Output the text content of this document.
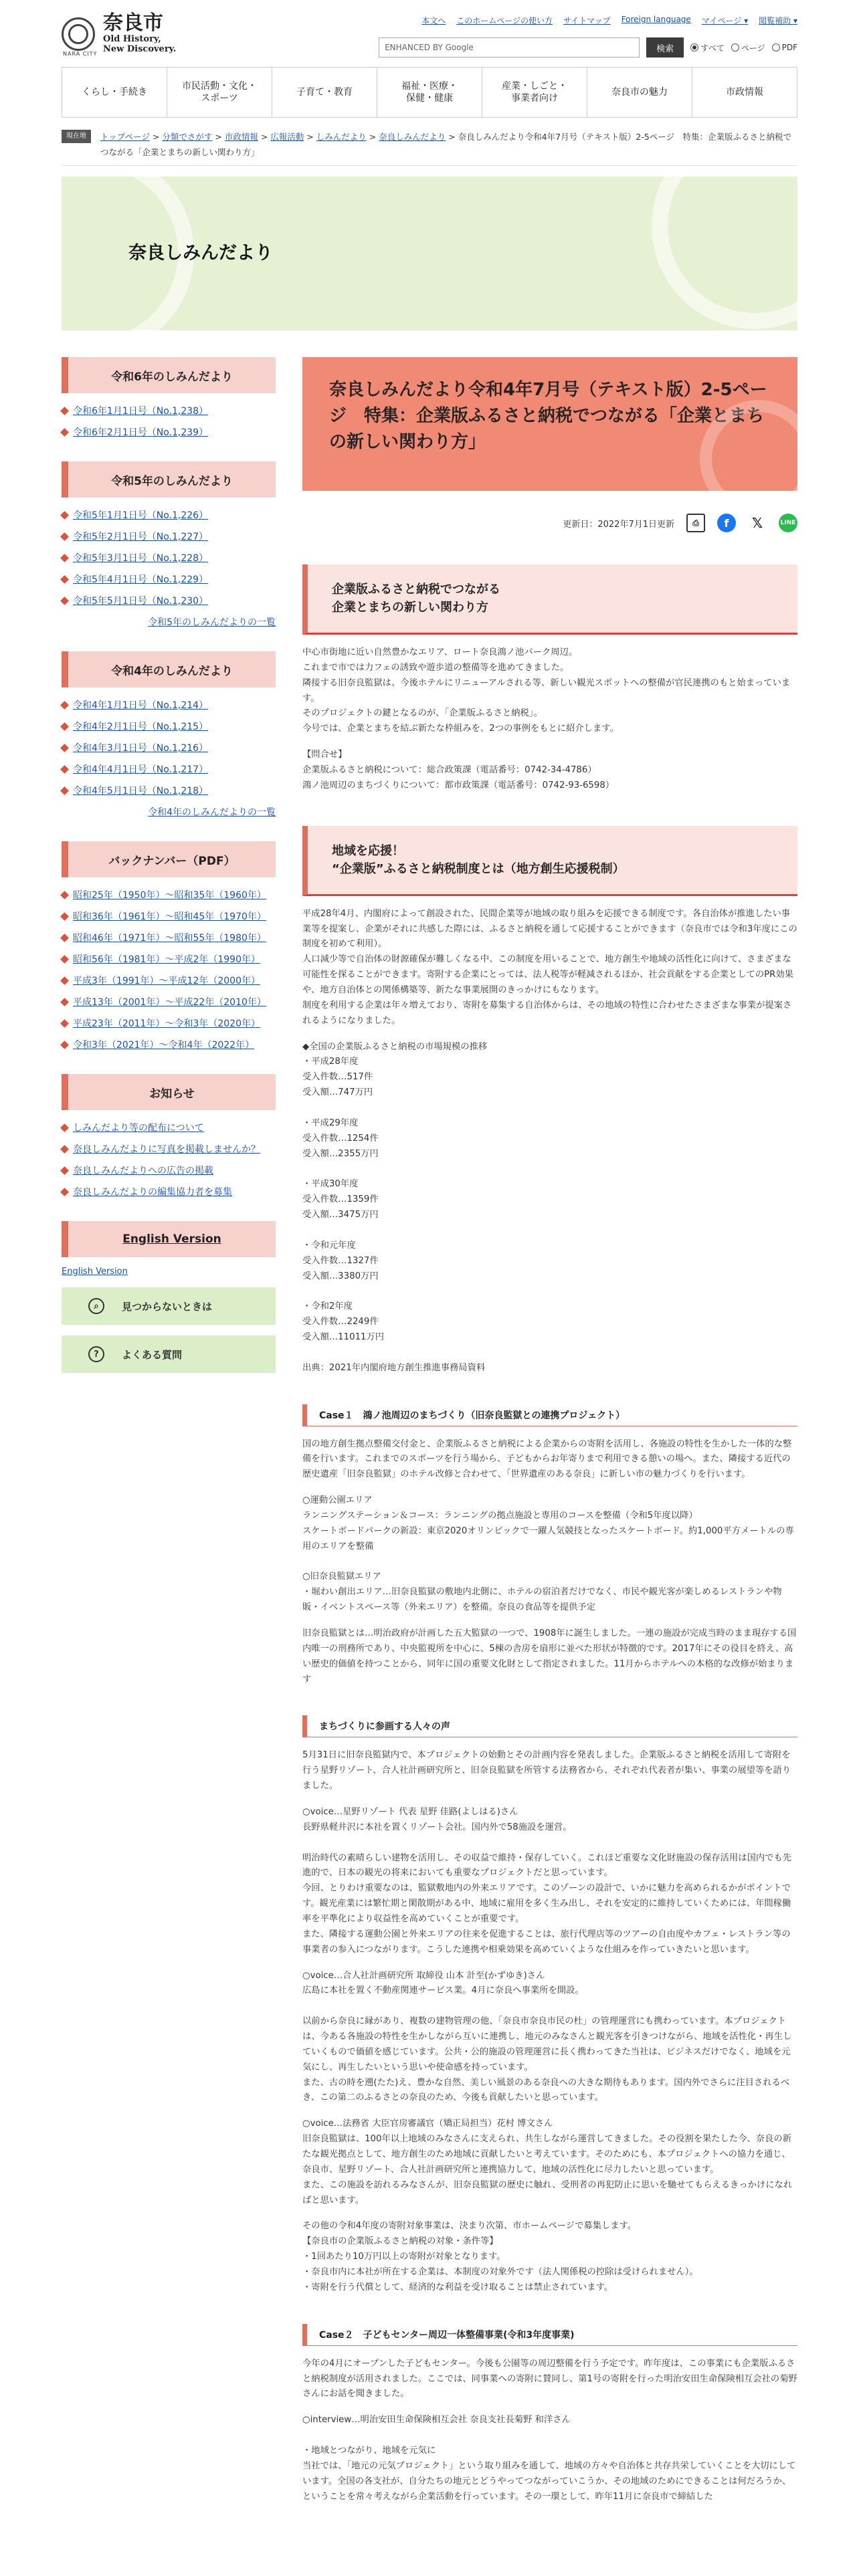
NARA CITY
奈良市
Old History,
New Discovery.
本文へ このホームページの使い方 サイトマップ Foreign language マイページ ▾ 閲覧補助 ▾
ENHANCED BY Google	検索	すべて ページ PDF
くらし・手続き
市民活動・文化・
スポーツ
子育て・教育
福祉・医療・
保健・健康
産業・しごと・
事業者向け
奈良市の魅力	市政情報
現在地	トップページ > 分類でさがす > 市政情報 > 広報活動 > しみんだより > 奈良しみんだより > 奈良しみんだより令和4年7月号（テキスト版）2-5ページ　特集：企業版ふるさと納税でつながる「企業とまちの新しい関わり方」
奈良しみんだより
令和6年のしみんだより
令和6年1月1日号（No.1,238）
令和6年2月1日号（No.1,239）
令和5年のしみんだより
令和5年1月1日号（No.1,226）
令和5年2月1日号（No.1,227）
令和5年3月1日号（No.1,228）
令和5年4月1日号（No.1,229）
令和5年5月1日号（No.1,230）
令和5年のしみんだよりの一覧
令和4年のしみんだより
令和4年1月1日号（No.1,214）
令和4年2月1日号（No.1,215）
令和4年3月1日号（No.1,216）
令和4年4月1日号（No.1,217）
令和4年5月1日号（No.1,218）
令和4年のしみんだよりの一覧
バックナンバー（PDF）
昭和25年（1950年）～昭和35年（1960年）
昭和36年（1961年）～昭和45年（1970年）
昭和46年（1971年）～昭和55年（1980年）
昭和56年（1981年）～平成2年（1990年）
平成3年（1991年）～平成12年（2000年）
平成13年（2001年）～平成22年（2010年）
平成23年（2011年）～令和3年（2020年）
令和3年（2021年）～令和4年（2022年）
お知らせ
しみんだより等の配布について
奈良しみんだよりに写真を掲載しませんか？
奈良しみんだよりへの広告の掲載
奈良しみんだよりの編集協力者を募集
English Version
English Version
⌕	見つからないときは
?	よくある質問
奈良しみんだより令和4年7月号（テキスト版）2-5ページ　特集：企業版ふるさと納税でつながる「企業とまちの新しい関わり方」
更新日：2022年7月1日更新	⎙	f	𝕏	LINE
企業版ふるさと納税でつながる
企業とまちの新しい関わり方

中心市街地に近い自然豊かなエリア、ロート奈良鴻ノ池パーク周辺。
これまで市では力フェの誘致や遊歩道の整備等を進めてきました。
隣接する旧奈良監獄は、今後ホテルにリニューアルされる等、新しい観光スポットへの整備が官民連携のもと始まっています。
そのプロジェクトの鍵となるのが、「企業版ふるさと納税」。
今号では、企業とまちを結ぶ新たな枠組みを、2つの事例をもとに紹介します。

【問合せ】
企業版ふるさと納税について：総合政策課（電話番号：0742-34-4786）
鴻ノ池周辺のまちづくりについて：都市政策課（電話番号：0742-93-6598）

地域を応援！
“企業版”ふるさと納税制度とは（地方創生応援税制）

平成28年4月、内閣府によって創設された、民間企業等が地域の取り組みを応援できる制度です。各自治体が推進したい事業等を提案し、企業がそれに共感した際には、ふるさと納税を通して応援することができます（奈良市では令和3年度にこの制度を初めて利用）。
人口減少等で自治体の財源確保が難しくなる中、この制度を用いることで、地方創生や地域の活性化に向けて、さまざまな可能性を探ることができます。寄附する企業にとっては、法人税等が軽減されるほか、社会貢献をする企業としてのPR効果や、地方自治体との関係構築等、新たな事業展開のきっかけにもなります。
制度を利用する企業は年々増えており、寄附を募集する自治体からは、その地域の特性に合わせたさまざまな事業が提案されるようになりました。

◆全国の企業版ふるさと納税の市場規模の推移
・平成28年度
受入件数…517件
受入額…747万円

・平成29年度
受入件数…1254件
受入額…2355万円

・平成30年度
受入件数…1359件
受入額…3475万円

・令和元年度
受入件数…1327件
受入額…3380万円

・令和2年度
受入件数…2249件
受入額…11011万円

出典：2021年内閣府地方創生推進事務局資料

Case１　鴻ノ池周辺のまちづくり（旧奈良監獄との連携プロジェクト）

国の地方創生拠点整備交付金と、企業版ふるさと納税による企業からの寄附を活用し、各施設の特性を生かした一体的な整備を行います。これまでのスポーツを行う場から、子どもからお年寄りまで利用できる憩いの場へ。また、隣接する近代の歴史遺産「旧奈良監獄」のホテル改修と合わせて、「世界遺産のある奈良」に新しい市の魅力づくりを行います。

○運動公園エリア
ランニングステーション＆コース：ランニングの拠点施設と専用のコースを整備（令和5年度以降）
スケートボードパークの新設：東京2020オリンピックで一躍人気競技となったスケートボード。約1,000平方メートルの専用のエリアを整備

○旧奈良監獄エリア
・堀わい創出エリア…旧奈良監獄の敷地内北側に、ホテルの宿泊者だけでなく、市民や観光客が楽しめるレストランや物販・イベントスペース等（外来エリア）を整備。奈良の食品等を提供予定

旧奈良監獄とは…明治政府が計画した五大監獄の一つで、1908年に誕生しました。一連の施設が完成当時のまま現存する国内唯一の刑務所であり、中央監視所を中心に、5棟の舎房を扇形に並べた形状が特徴的です。2017年にその役目を終え、高い歴史的価値を持つことから、同年に国の重要文化財として指定されました。11月からホテルへの本格的な改修が始まります

まちづくりに参画する人々の声

5月31日に旧奈良監獄内で、本プロジェクトの始動とその計画内容を発表しました。企業版ふるさと納税を活用して寄附を行う星野リゾート、合人社計画研究所と、旧奈良監獄を所管する法務省から、それぞれ代表者が集い、事業の展望等を語りました。

○voice…星野リゾート 代表 星野 佳路(よしはる)さん
長野県軽井沢に本社を置くリゾート会社。国内外で58施設を運営。

明治時代の素晴らしい建物を活用し、その収益で維持・保存していく。これほど重要な文化財施設の保存活用は国内でも先進的で、日本の観光の将来においても重要なプロジェクトだと思っています。
今回、とりわけ重要なのは、監獄敷地内の外来エリアです。このゾーンの設計で、いかに魅力を高められるかがポイントです。観光産業には繁忙期と閑散期がある中、地域に雇用を多く生み出し、それを安定的に維持していくためには、年間稼働率を平準化により収益性を高めていくことが重要です。
また、隣接する運動公園と外来エリアの往来を促進することは、旅行代理店等のツアーの自由度やカフェ・レストラン等の事業者の参入につながります。こうした連携や相乗効果を高めていくような仕組みを作っていきたいと思います。

○voice…合人社計画研究所 取締役 山本 計至(かずゆき)さん
広島に本社を置く不動産関連サービス業。4月に奈良へ事業所を開設。

以前から奈良に縁があり、複数の建物管理の他、「奈良市奈良市民の杜」の管理運営にも携わっています。本プロジェクトは、今ある各施設の特性を生かしながら互いに連携し、地元のみなさんと観光客を引きつけながら、地域を活性化・再生していくもので価値を感じています。公共・公的施設の管理運営に長く携わってきた当社は、ビジネスだけでなく、地域を元気にし、再生したいという思いや使命感を持っています。
また、古の時を遡(たた)え、豊かな自然、美しい風景のある奈良への大きな期待もあります。国内外でさらに注目されるべき、この第二のふるさとの奈良のため、今後も貢献したいと思っています。

○voice…法務省 大臣官房審議官（矯正局担当）花村 博文さん
旧奈良監獄は、100年以上地域のみなさんに支えられ、共生しながら運営してきました。その役割を果たした今、奈良の新たな観光拠点として、地方創生のため地域に貢献したいと考えています。そのためにも、本プロジェクトへの協力を通じ、奈良市、星野リゾート、合人社計画研究所と連携協力して、地域の活性化に尽力したいと思っています。
また、この施設を訪れるみなさんが、旧奈良監獄の歴史に触れ、受刑者の再犯防止に思いを馳せてもらえるきっかけになればと思います。

その他の令和4年度の寄附対象事業は、決まり次第、市ホームページで募集します。
【奈良市の企業版ふるさと納税の対象・条件等】
・1回あたり10万円以上の寄附が対象となります。
・奈良市内に本社が所在する企業は、本制度の対象外です（法人関係税の控除は受けられません）。
・寄附を行う代償として、経済的な利益を受け取ることは禁止されています。

Case２　子どもセンター周辺一体整備事業(令和3年度事業)

今年の4月にオープンした子どもセンター。今後も公園等の周辺整備を行う予定です。昨年度は、この事業にも企業版ふるさと納税制度が活用されました。ここでは、同事業への寄附に賛同し、第1号の寄附を行った明治安田生命保険相互会社の菊野さんにお話を聞きました。

○interview…明治安田生命保険相互会社 奈良支社長菊野 和洋さん

・地域とつながり、地域を元気に
当社では、「地元の元気プロジェクト」という取り組みを通して、地域の方々や自治体と共存共栄していくことを大切にしています。全国の各支社が、自分たちの地元とどうやってつながっていこうか、その地域のためにできることは何だろうか、ということを常々考えながら企業活動を行っています。その一環として、昨年11月に奈良市で締結した
